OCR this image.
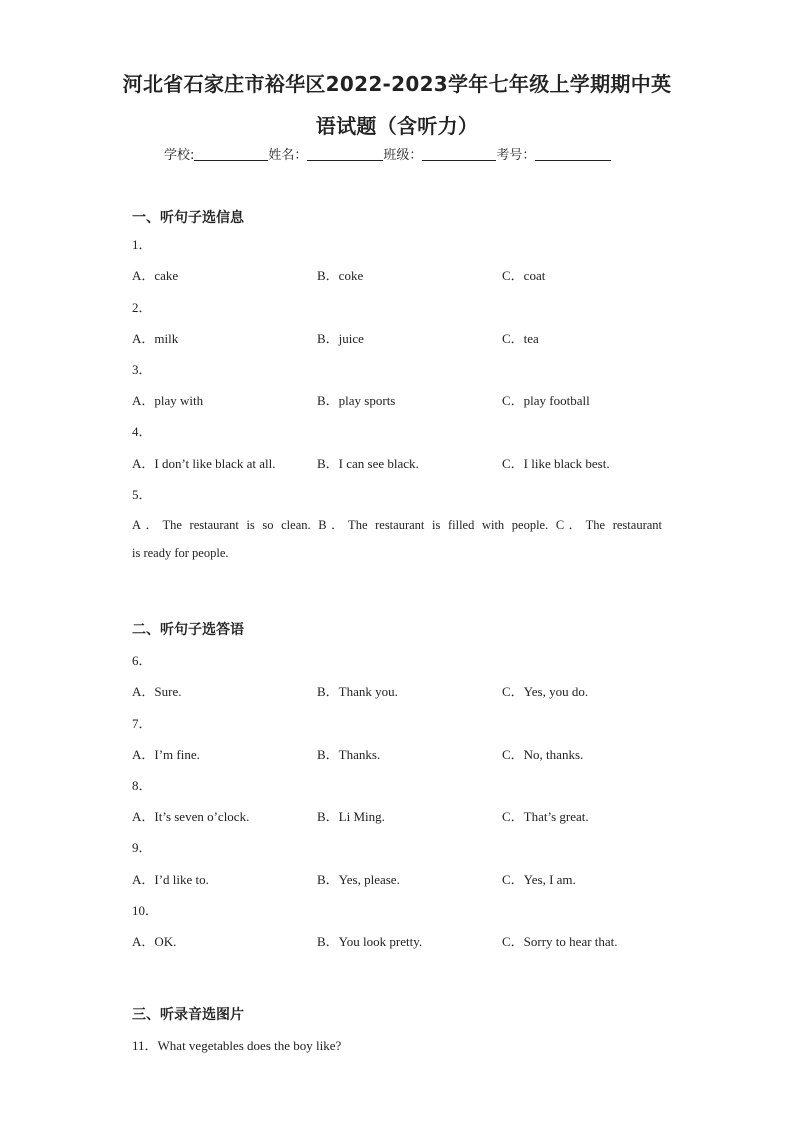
河北省石家庄市裕华区2022-2023学年七年级上学期期中英
语试题（含听力）
学校:	姓名：	班级：	考号：
一、听句子选信息
1．
A．cake	B．coke	C．coat
2．
A．milk	B．juice	C．tea
3．
A．play with	B．play sports	C．play football
4．
A．I don’t like black at all.	B．I can see black.	C．I like black best.
5．
A．The restaurant is so clean. B．The restaurant is filled with people. C．The restaurant
is ready for people.
二、听句子选答语
6．
A．Sure.	B．Thank you.	C．Yes, you do.
7．
A．I’m fine.	B．Thanks.	C．No, thanks.
8．
A．It’s seven o’clock.	B．Li Ming.	C．That’s great.
9．
A．I’d like to.	B．Yes, please.	C．Yes, I am.
10．
A．OK.	B．You look pretty.	C．Sorry to hear that.
三、听录音选图片
11．What vegetables does the boy like?
